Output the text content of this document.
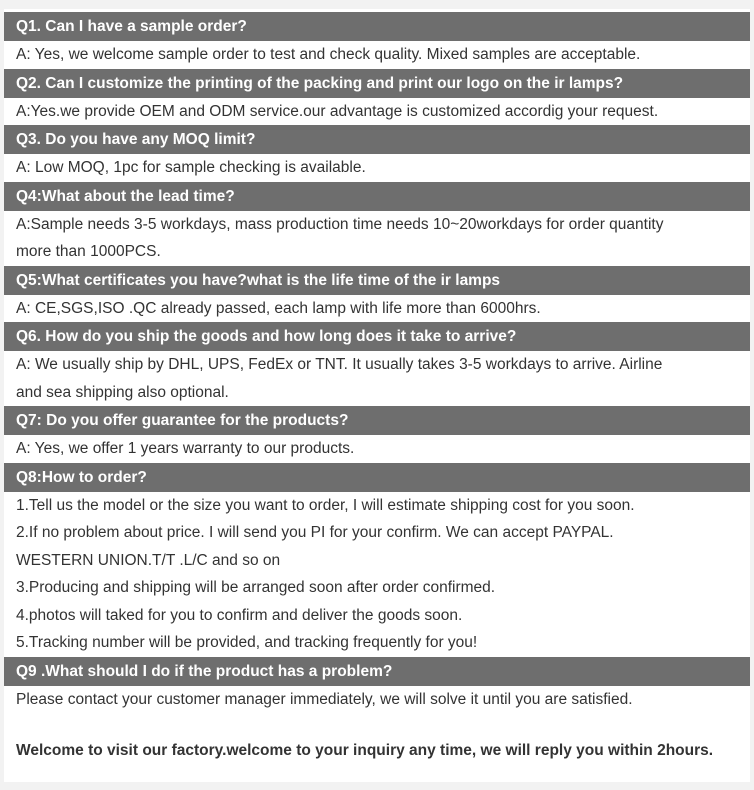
Q1. Can I have a sample order?
A: Yes, we welcome sample order to test and check quality. Mixed samples are acceptable.
Q2. Can I customize the printing of the packing and print our logo on the ir lamps?
A:Yes.we provide OEM and ODM service.our advantage is customized accordig your request.
Q3. Do you have any MOQ limit?
A: Low MOQ, 1pc for sample checking is available.
Q4:What about the lead time?
A:Sample needs 3-5 workdays, mass production time needs 10~20workdays for order quantity
more than 1000PCS.
Q5:What certificates you have?what is the life time of the ir lamps
A: CE,SGS,ISO .QC already passed, each lamp with life more than 6000hrs.
Q6. How do you ship the goods and how long does it take to arrive?
A: We usually ship by DHL, UPS, FedEx or TNT. It usually takes 3-5 workdays to arrive. Airline
and sea shipping also optional.
Q7: Do you offer guarantee for the products?
A: Yes, we offer 1 years warranty to our products.
Q8:How to order?
1.Tell us the model or the size you want to order, I will estimate shipping cost for you soon.
2.If no problem about price. I will send you PI for your confirm. We can accept PAYPAL.
WESTERN UNION.T/T .L/C and so on
3.Producing and shipping will be arranged soon after order confirmed.
4.photos will taked for you to confirm and deliver the goods soon.
5.Tracking number will be provided, and tracking frequently for you!
Q9 .What should I do if the product has a problem?
Please contact your customer manager immediately, we will solve it until you are satisfied.
Welcome to visit our factory.welcome to your inquiry any time, we will reply you within 2hours.
